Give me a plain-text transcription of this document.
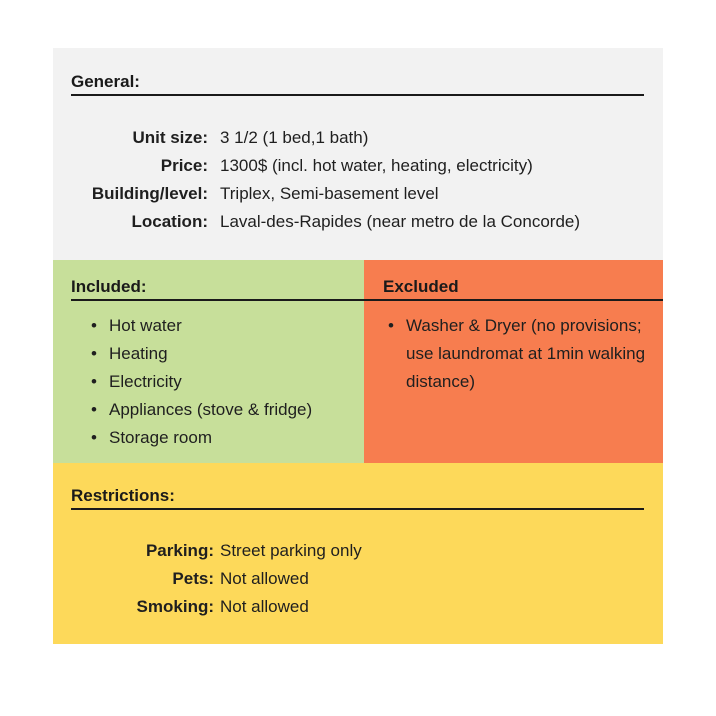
General:
Unit size: 3 1/2 (1 bed,1 bath)
Price: 1300$ (incl. hot water, heating, electricity)
Building/level: Triplex, Semi-basement level
Location: Laval-des-Rapides (near metro de la Concorde)
Included:
• Hot water
• Heating
• Electricity
• Appliances (stove & fridge)
• Storage room
Excluded
• Washer & Dryer (no provisions; use laundromat at 1min walking distance)
Restrictions:
Parking: Street parking only
Pets: Not allowed
Smoking: Not allowed
